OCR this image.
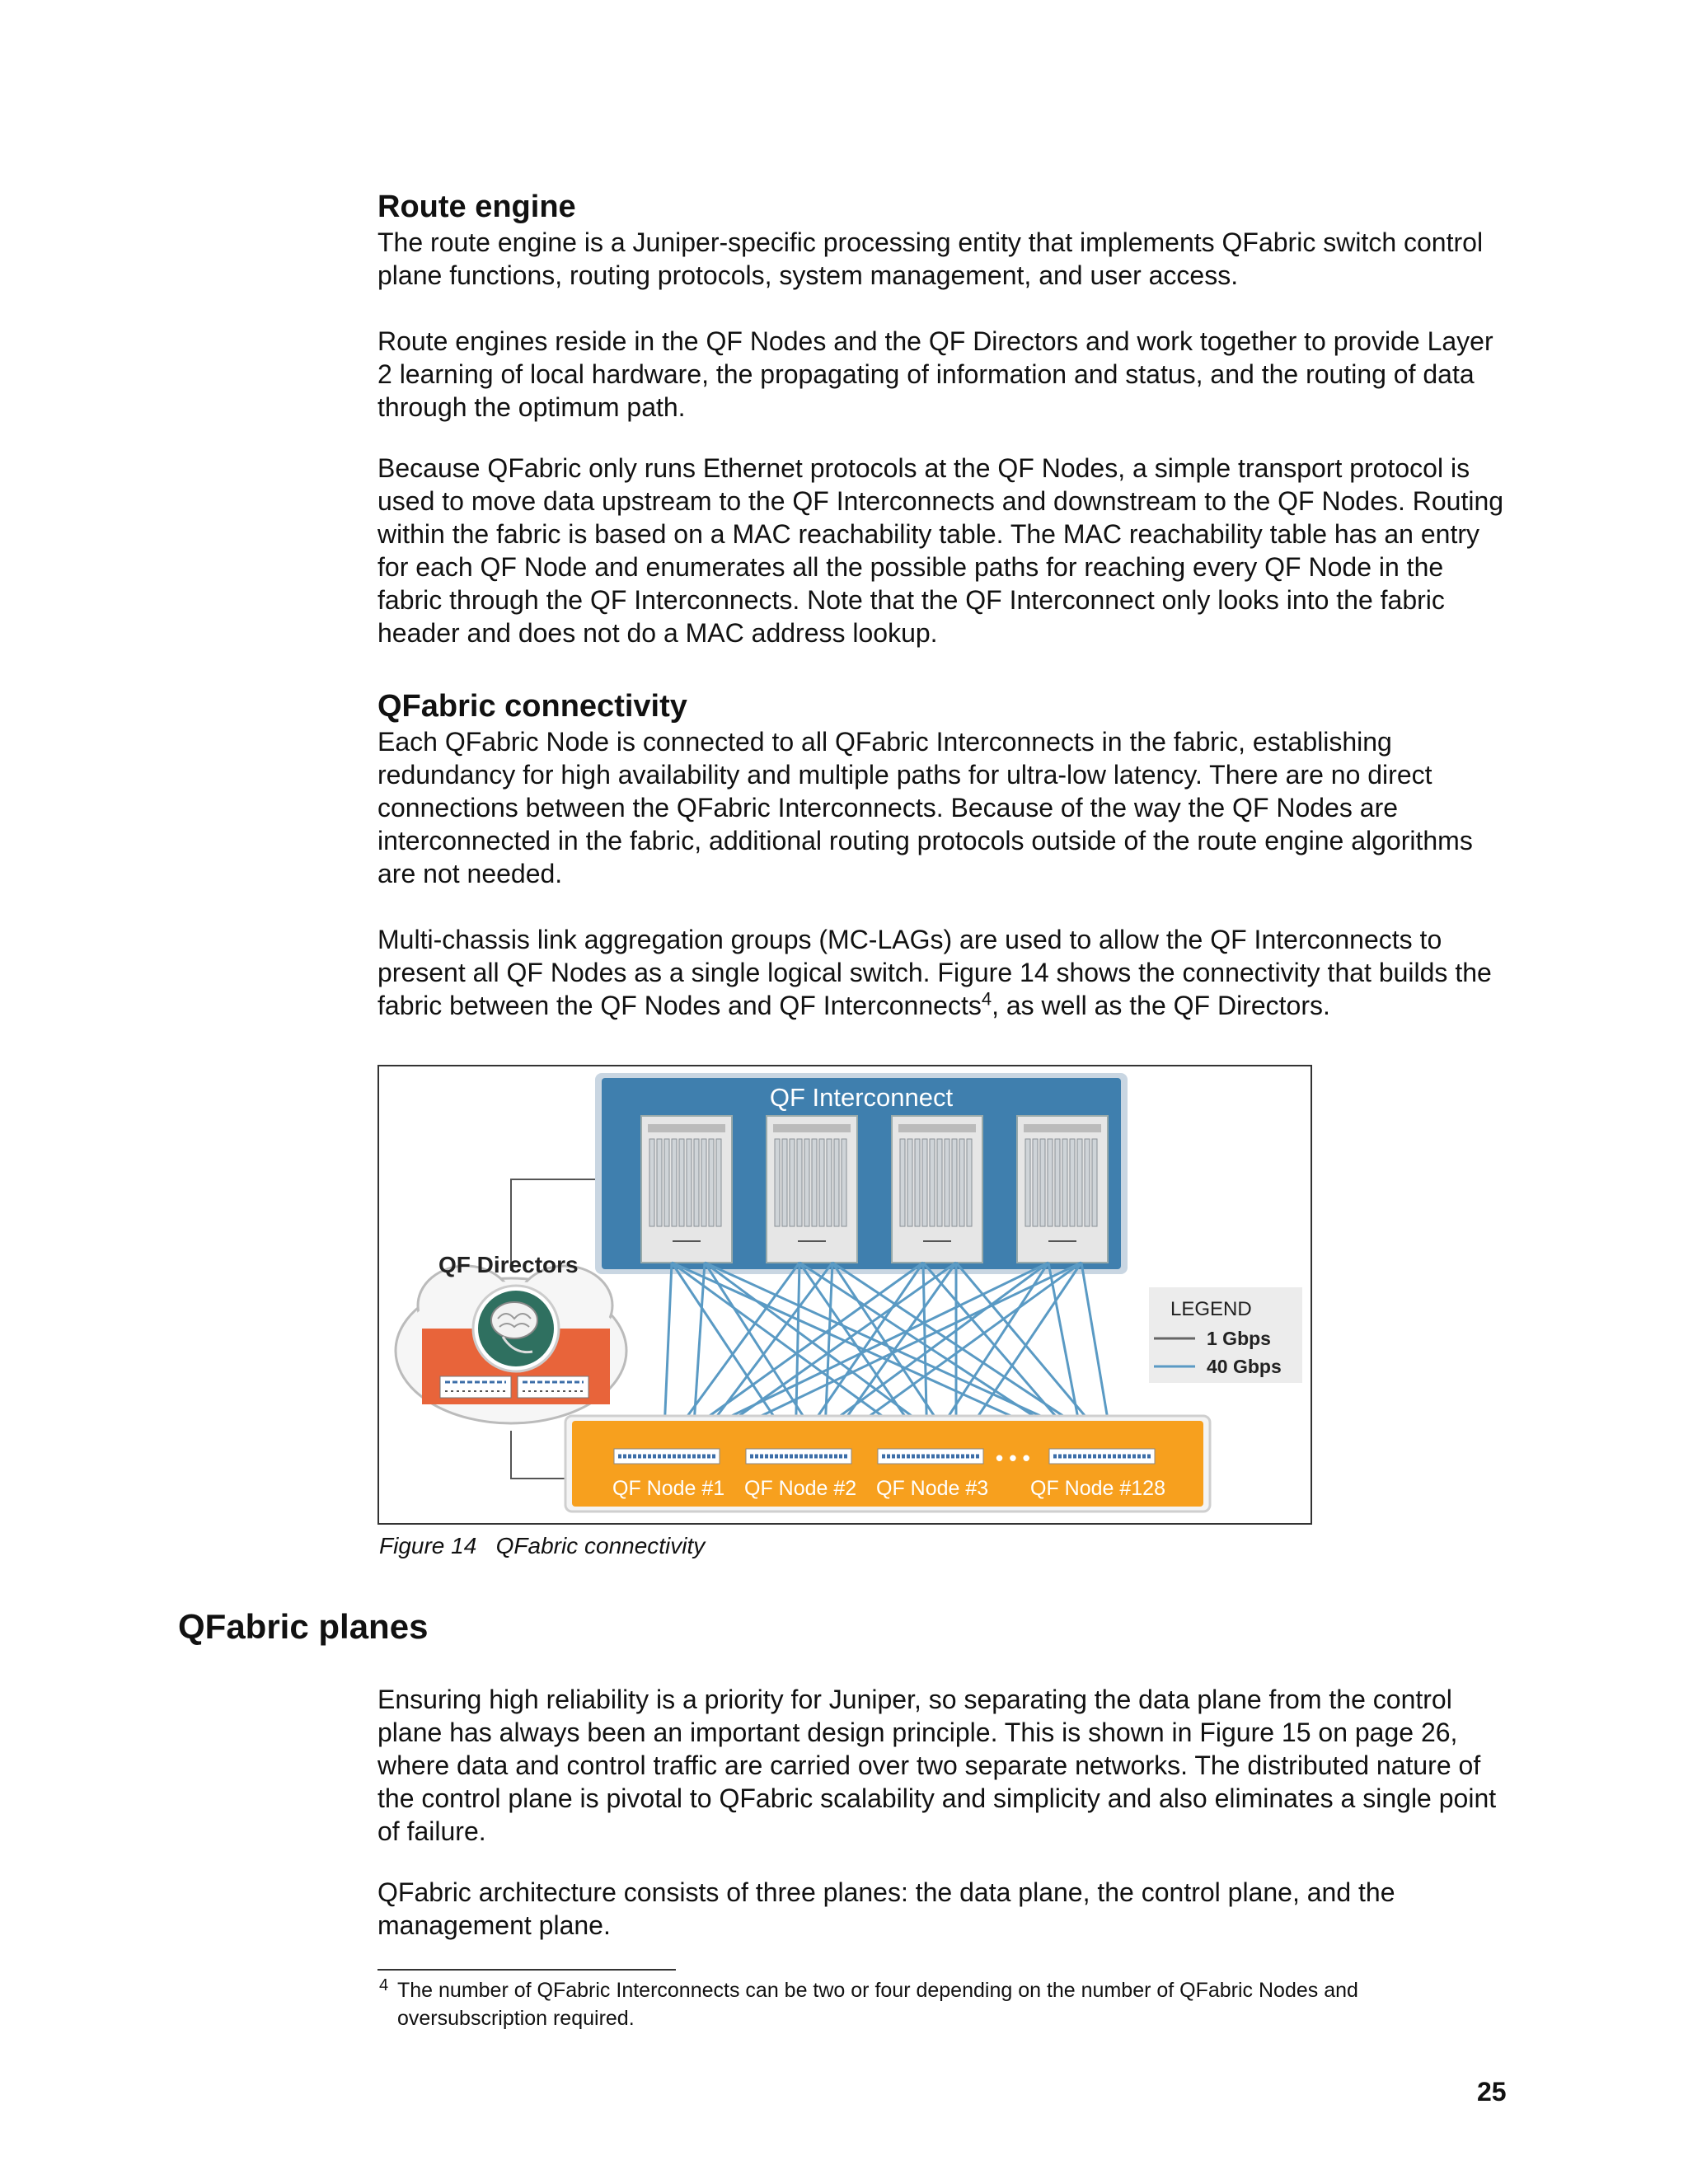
Route engine

The route engine is a Juniper-specific processing entity that implements QFabric switch control plane functions, routing protocols, system management, and user access.

Route engines reside in the QF Nodes and the QF Directors and work together to provide Layer 2 learning of local hardware, the propagating of information and status, and the routing of data through the optimum path.

Because QFabric only runs Ethernet protocols at the QF Nodes, a simple transport protocol is used to move data upstream to the QF Interconnects and downstream to the QF Nodes. Routing within the fabric is based on a MAC reachability table. The MAC reachability table has an entry for each QF Node and enumerates all the possible paths for reaching every QF Node in the fabric through the QF Interconnects. Note that the QF Interconnect only looks into the fabric header and does not do a MAC address lookup.

QFabric connectivity

Each QFabric Node is connected to all QFabric Interconnects in the fabric, establishing redundancy for high availability and multiple paths for ultra-low latency. There are no direct connections between the QFabric Interconnects. Because of the way the QF Nodes are interconnected in the fabric, additional routing protocols outside of the route engine algorithms are not needed.

Multi-chassis link aggregation groups (MC-LAGs) are used to allow the QF Interconnects to present all QF Nodes as a single logical switch. Figure 14 shows the connectivity that builds the fabric between the QF Nodes and QF Interconnects$^4$, as well as the QF Directors.

QF Directors
QF Interconnect
• • •
QF Node #1 QF Node #2 QF Node #3 QF Node #128
LEGEND
1 Gbps
40 Gbps
Figure 14 QFabric connectivity
QFabric planes

Ensuring high reliability is a priority for Juniper, so separating the data plane from the control plane has always been an important design principle. This is shown in Figure 15 on page 26, where data and control traffic are carried over two separate networks. The distributed nature of the control plane is pivotal to QFabric scalability and simplicity and also eliminates a single point of failure.

QFabric architecture consists of three planes: the data plane, the control plane, and the management plane.

4 The number of QFabric Interconnects can be two or four depending on the number of QFabric Nodes and oversubscription required.
25
